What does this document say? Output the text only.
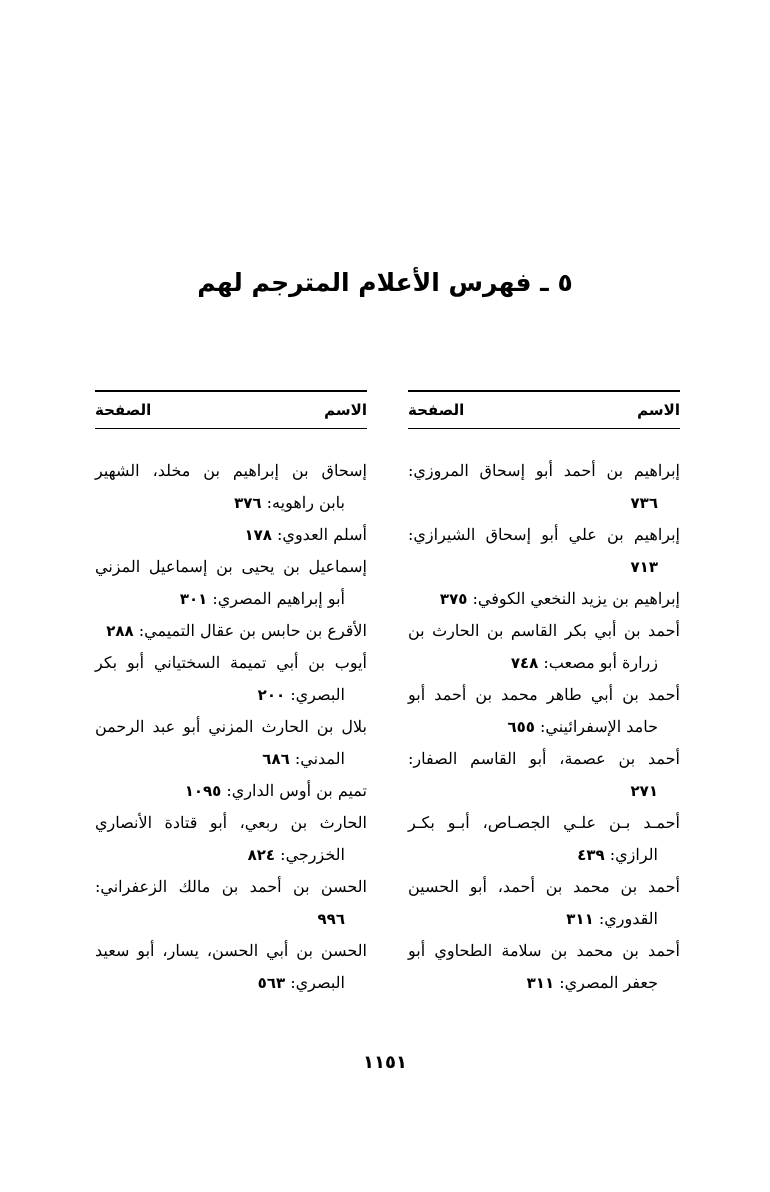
٥ ـ فهرس الأعلام المترجم لهم
الاسم
الصفحة
إبراهيم بن أحمد أبو إسحاق المروزي:
٧٣٦
إبراهيم بن علي أبو إسحاق الشيرازي:
٧١٣
إبراهيم بن يزيد النخعي الكوفي: ٣٧٥
أحمد بن أبي بكر القاسم بن الحارث بن
زرارة أبو مصعب: ٧٤٨
أحمد بن أبي طاهر محمد بن أحمد أبو
حامد الإسفرائيني: ٦٥٥
أحمد بن عصمة، أبو القاسم الصفار:
٢٧١
أحمـد بـن علـي الجصـاص، أبـو بكـر
الرازي: ٤٣٩
أحمد بن محمد بن أحمد، أبو الحسين
القدوري: ٣١١
أحمد بن محمد بن سلامة الطحاوي أبو
جعفر المصري: ٣١١
الاسم
الصفحة
إسحاق بن إبراهيم بن مخلد، الشهير
بابن راهويه: ٣٧٦
أسلم العدوي: ١٧٨
إسماعيل بن يحيى بن إسماعيل المزني
أبو إبراهيم المصري: ٣٠١
الأقرع بن حابس بن عقال التميمي: ٢٨٨
أيوب بن أبي تميمة السختياني أبو بكر
البصري: ٢٠٠
بلال بن الحارث المزني أبو عبد الرحمن
المدني: ٦٨٦
تميم بن أوس الداري: ١٠٩٥
الحارث بن ربعي، أبو قتادة الأنصاري
الخزرجي: ٨٢٤
الحسن بن أحمد بن مالك الزعفراني:
٩٩٦
الحسن بن أبي الحسن، يسار، أبو سعيد
البصري: ٥٦٣
١١٥١
